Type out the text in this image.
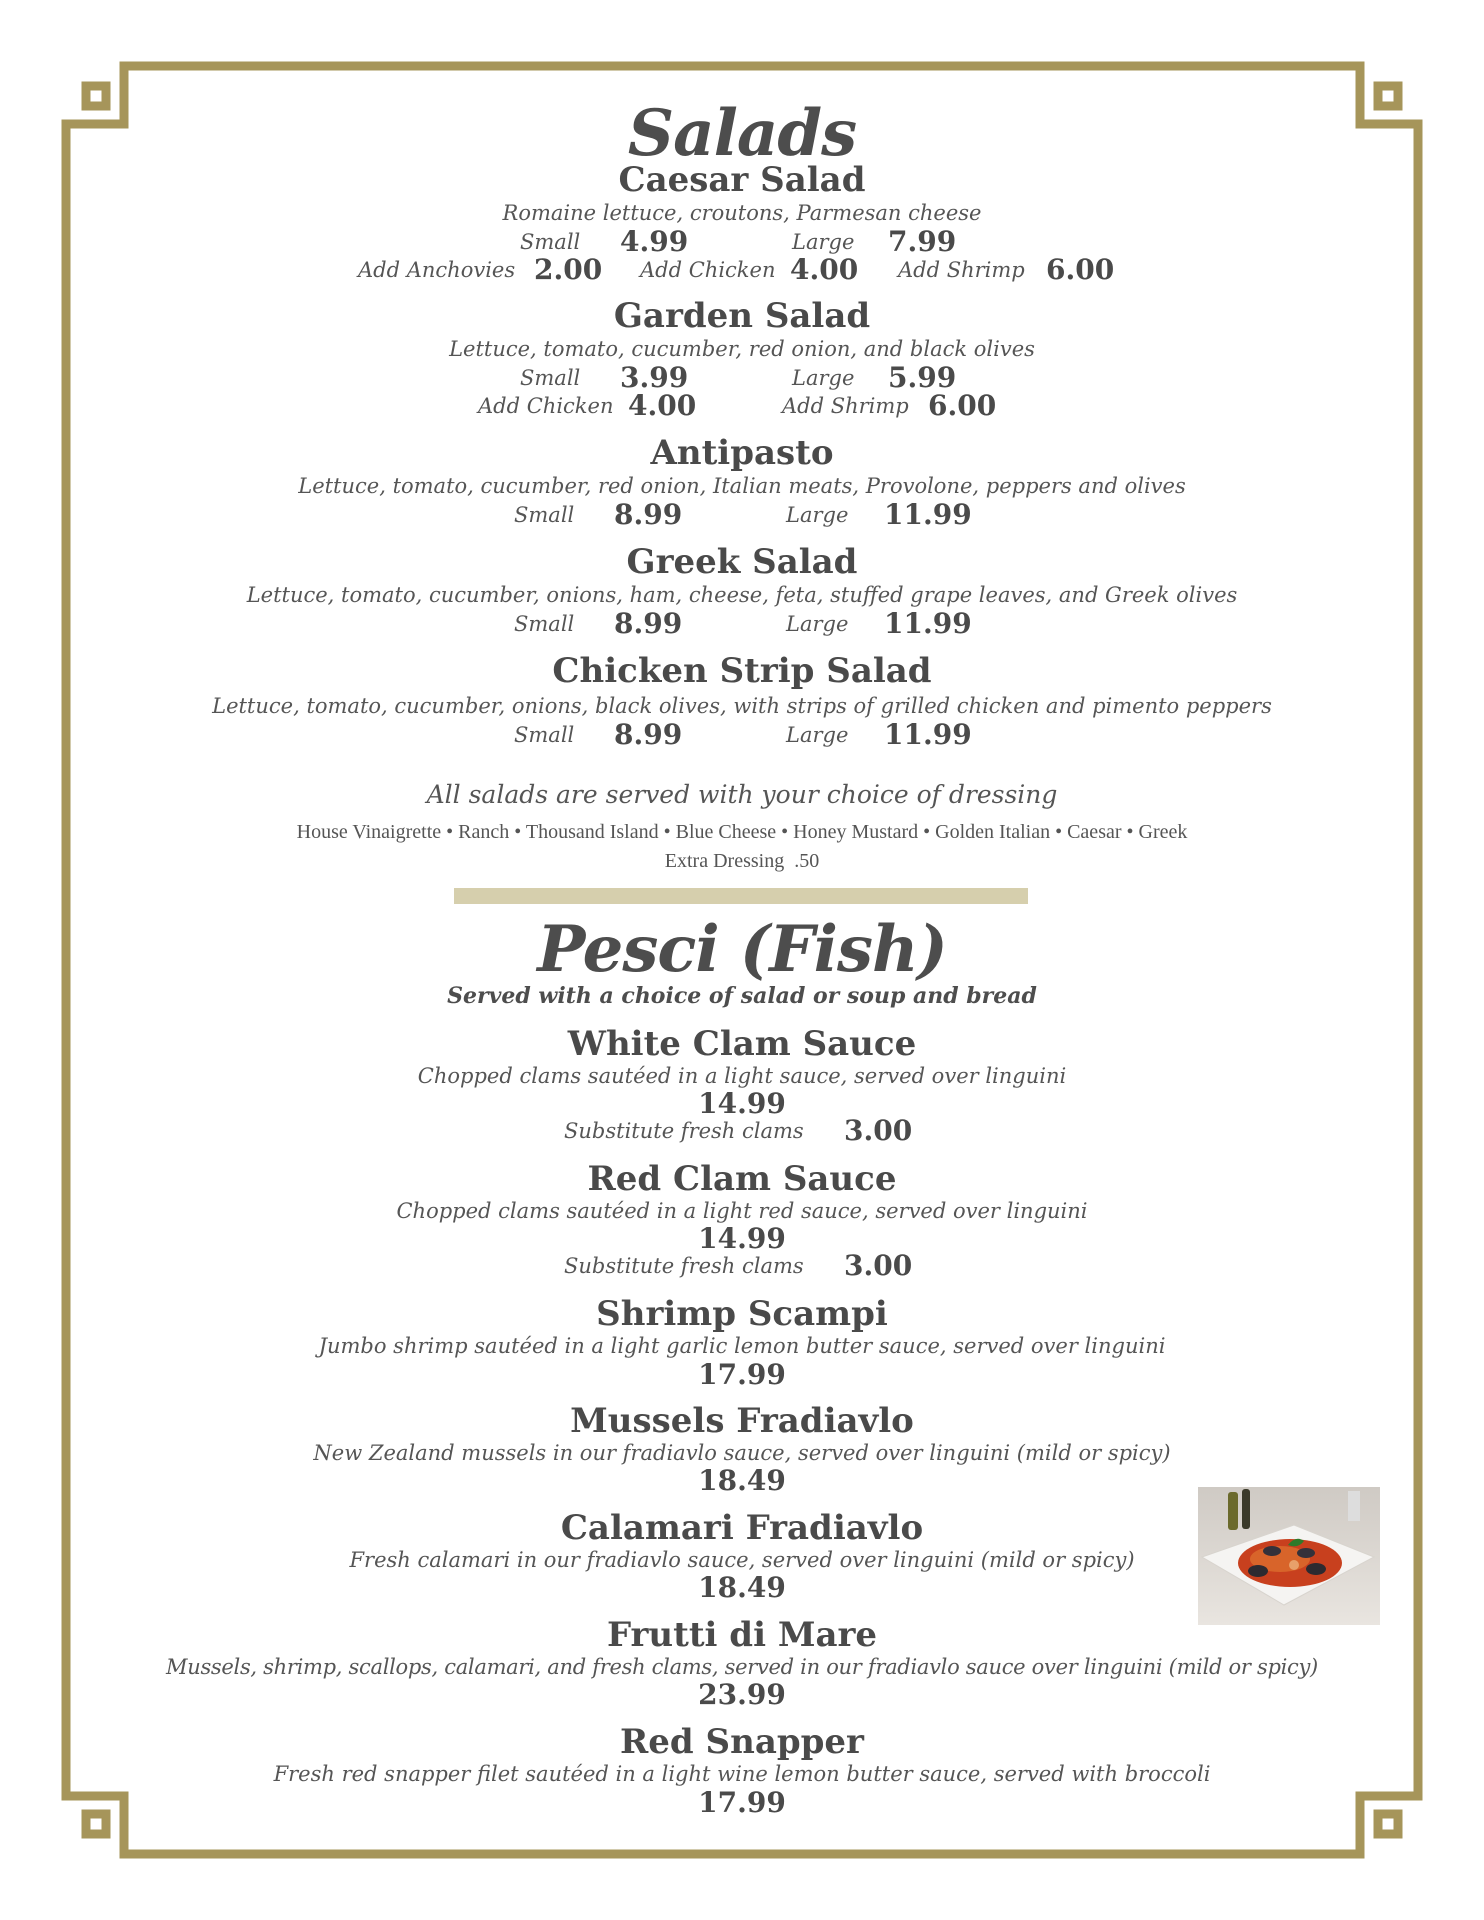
Salads
Caesar Salad
Romaine lettuce, croutons, Parmesan cheese
Small 4.99	Large 7.99
Add Anchovies 2.00 Add Chicken 4.00 Add Shrimp 6.00
Garden Salad
Lettuce, tomato, cucumber, red onion, and black olives
Small 3.99	Large 5.99
Add Chicken 4.00	Add Shrimp 6.00
Antipasto
Lettuce, tomato, cucumber, red onion, Italian meats, Provolone, peppers and olives
Small 8.99	Large 11.99
Greek Salad
Lettuce, tomato, cucumber, onions, ham, cheese, feta, stuffed grape leaves, and Greek olives
Small 8.99	Large 11.99
Chicken Strip Salad
Lettuce, tomato, cucumber, onions, black olives, with strips of grilled chicken and pimento peppers
Small 8.99	Large 11.99
All salads are served with your choice of dressing
House Vinaigrette • Ranch • Thousand Island • Blue Cheese • Honey Mustard • Golden Italian • Caesar • Greek
Extra Dressing  .50
Pesci (Fish)
Served with a choice of salad or soup and bread
White Clam Sauce
Chopped clams sautéed in a light sauce, served over linguini
14.99
Substitute fresh clams 3.00
Red Clam Sauce
Chopped clams sautéed in a light red sauce, served over linguini
14.99
Substitute fresh clams 3.00
Shrimp Scampi
Jumbo shrimp sautéed in a light garlic lemon butter sauce, served over linguini
17.99
Mussels Fradiavlo
New Zealand mussels in our fradiavlo sauce, served over linguini (mild or spicy)
18.49
Calamari Fradiavlo
Fresh calamari in our fradiavlo sauce, served over linguini (mild or spicy)
18.49
Frutti di Mare
Mussels, shrimp, scallops, calamari, and fresh clams, served in our fradiavlo sauce over linguini (mild or spicy)
23.99
Red Snapper
Fresh red snapper filet sautéed in a light wine lemon butter sauce, served with broccoli
17.99
